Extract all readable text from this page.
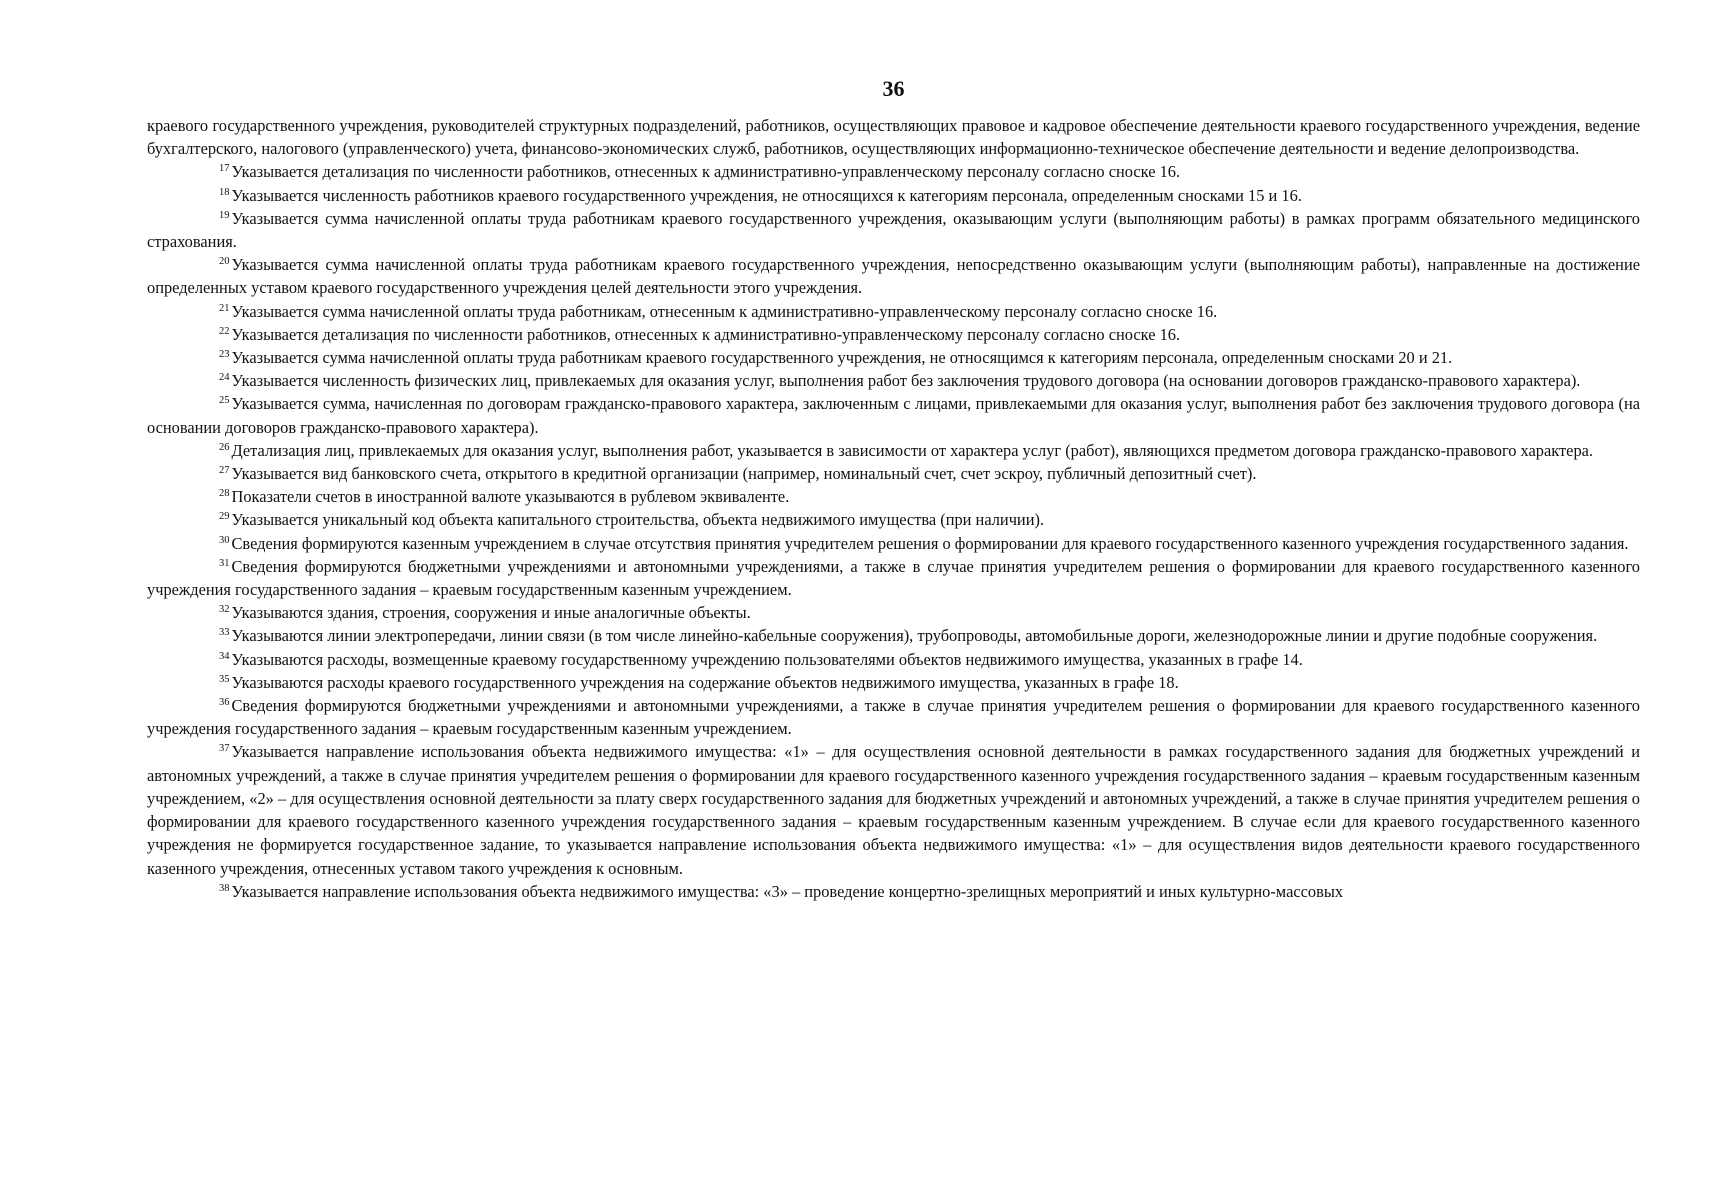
36

краевого государственного учреждения, руководителей структурных подразделений, работников, осуществляющих правовое и кадровое обеспечение деятельности краевого государственного учреждения, ведение бухгалтерского, налогового (управленческого) учета, финансово-экономических служб, работников, осуществляющих информационно-техническое обеспечение деятельности и ведение делопроизводства.

$^{17}$ Указывается детализация по численности работников, отнесенных к административно-управленческому персоналу согласно сноске 16.

$^{18}$ Указывается численность работников краевого государственного учреждения, не относящихся к категориям персонала, определенным сносками 15 и 16.

$^{19}$ Указывается сумма начисленной оплаты труда работникам краевого государственного учреждения, оказывающим услуги (выполняющим работы) в рамках программ обязательного медицинского страхования.

$^{20}$ Указывается сумма начисленной оплаты труда работникам краевого государственного учреждения, непосредственно оказывающим услуги (выполняющим работы), направленные на достижение определенных уставом краевого государственного учреждения целей деятельности этого учреждения.

$^{21}$ Указывается сумма начисленной оплаты труда работникам, отнесенным к административно-управленческому персоналу согласно сноске 16.

$^{22}$ Указывается детализация по численности работников, отнесенных к административно-управленческому персоналу согласно сноске 16.

$^{23}$ Указывается сумма начисленной оплаты труда работникам краевого государственного учреждения, не относящимся к категориям персонала, определенным сносками 20 и 21.

$^{24}$ Указывается численность физических лиц, привлекаемых для оказания услуг, выполнения работ без заключения трудового договора (на основании договоров гражданско-правового характера).

$^{25}$ Указывается сумма, начисленная по договорам гражданско-правового характера, заключенным с лицами, привлекаемыми для оказания услуг, выполнения работ без заключения трудового договора (на основании договоров гражданско-правового характера).

$^{26}$ Детализация лиц, привлекаемых для оказания услуг, выполнения работ, указывается в зависимости от характера услуг (работ), являющихся предметом договора гражданско-правового характера.

$^{27}$ Указывается вид банковского счета, открытого в кредитной организации (например, номинальный счет, счет эскроу, публичный депозитный счет).

$^{28}$ Показатели счетов в иностранной валюте указываются в рублевом эквиваленте.

$^{29}$ Указывается уникальный код объекта капитального строительства, объекта недвижимого имущества (при наличии).

$^{30}$ Сведения формируются казенным учреждением в случае отсутствия принятия учредителем решения о формировании для краевого государственного казенного учреждения государственного задания.

$^{31}$ Сведения формируются бюджетными учреждениями и автономными учреждениями, а также в случае принятия учредителем решения о формировании для краевого государственного казенного учреждения государственного задания – краевым государственным казенным учреждением.

$^{32}$ Указываются здания, строения, сооружения и иные аналогичные объекты.

$^{33}$ Указываются линии электропередачи, линии связи (в том числе линейно-кабельные сооружения), трубопроводы, автомобильные дороги, железнодорожные линии и другие подобные сооружения.

$^{34}$ Указываются расходы, возмещенные краевому государственному учреждению пользователями объектов недвижимого имущества, указанных в графе 14.

$^{35}$ Указываются расходы краевого государственного учреждения на содержание объектов недвижимого имущества, указанных в графе 18.

$^{36}$ Сведения формируются бюджетными учреждениями и автономными учреждениями, а также в случае принятия учредителем решения о формировании для краевого государственного казенного учреждения государственного задания – краевым государственным казенным учреждением.

$^{37}$ Указывается направление использования объекта недвижимого имущества: «1» – для осуществления основной деятельности в рамках государственного задания для бюджетных учреждений и автономных учреждений, а также в случае принятия учредителем решения о формировании для краевого государственного казенного учреждения государственного задания – краевым государственным казенным учреждением, «2» – для осуществления основной деятельности за плату сверх государственного задания для бюджетных учреждений и автономных учреждений, а также в случае принятия учредителем решения о формировании для краевого государственного казенного учреждения государственного задания – краевым государственным казенным учреждением. В случае если для краевого государственного казенного учреждения не формируется государственное задание, то указывается направление использования объекта недвижимого имущества: «1» – для осуществления видов деятельности краевого государственного казенного учреждения, отнесенных уставом такого учреждения к основным.

$^{38}$ Указывается направление использования объекта недвижимого имущества: «3» – проведение концертно-зрелищных мероприятий и иных культурно-массовых
